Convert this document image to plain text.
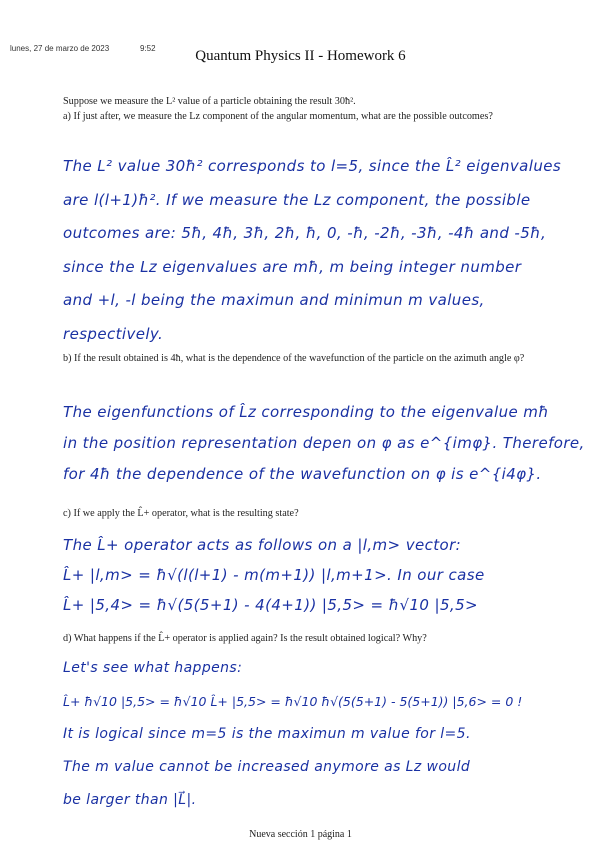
lunes, 27 de marzo de 2023	9:52	Quantum Physics II - Homework 6
Suppose we measure the L² value of a particle obtaining the result 30ħ².
a) If just after, we measure the Lz component of the angular momentum, what are the possible outcomes?
The L² value 30ħ² corresponds to l=5, since the L̂² eigenvalues
are l(l+1)ħ². If we measure the Lz component, the possible
outcomes are: 5ħ, 4ħ, 3ħ, 2ħ, ħ, 0, -ħ, -2ħ, -3ħ, -4ħ and -5ħ,
since the Lz eigenvalues are mħ, m being integer number
and +l, -l being the maximun and minimun m values,
respectively.
b) If the result obtained is 4ħ, what is the dependence of the wavefunction of the particle on the azimuth angle φ?
The eigenfunctions of L̂z corresponding to the eigenvalue mħ
in the position representation depen on φ as e^{imφ}. Therefore,
for 4ħ the dependence of the wavefunction on φ is e^{i4φ}.
c) If we apply the L̂+ operator, what is the resulting state?
The L̂+ operator acts as follows on a |l,m> vector:
L̂+ |l,m> = ħ√(l(l+1) - m(m+1)) |l,m+1>. In our case
L̂+ |5,4> = ħ√(5(5+1) - 4(4+1)) |5,5> = ħ√10 |5,5>
d) What happens if the L̂+ operator is applied again? Is the result obtained logical? Why?
Let's see what happens:
L̂+ ħ√10 |5,5> = ħ√10 L̂+ |5,5> = ħ√10 ħ√(5(5+1) - 5(5+1)) |5,6> = 0 !
It is logical since m=5 is the maximun m value for l=5.
The m value cannot be increased anymore as Lz would
be larger than |L⃗|.
Nueva sección 1 página 1
